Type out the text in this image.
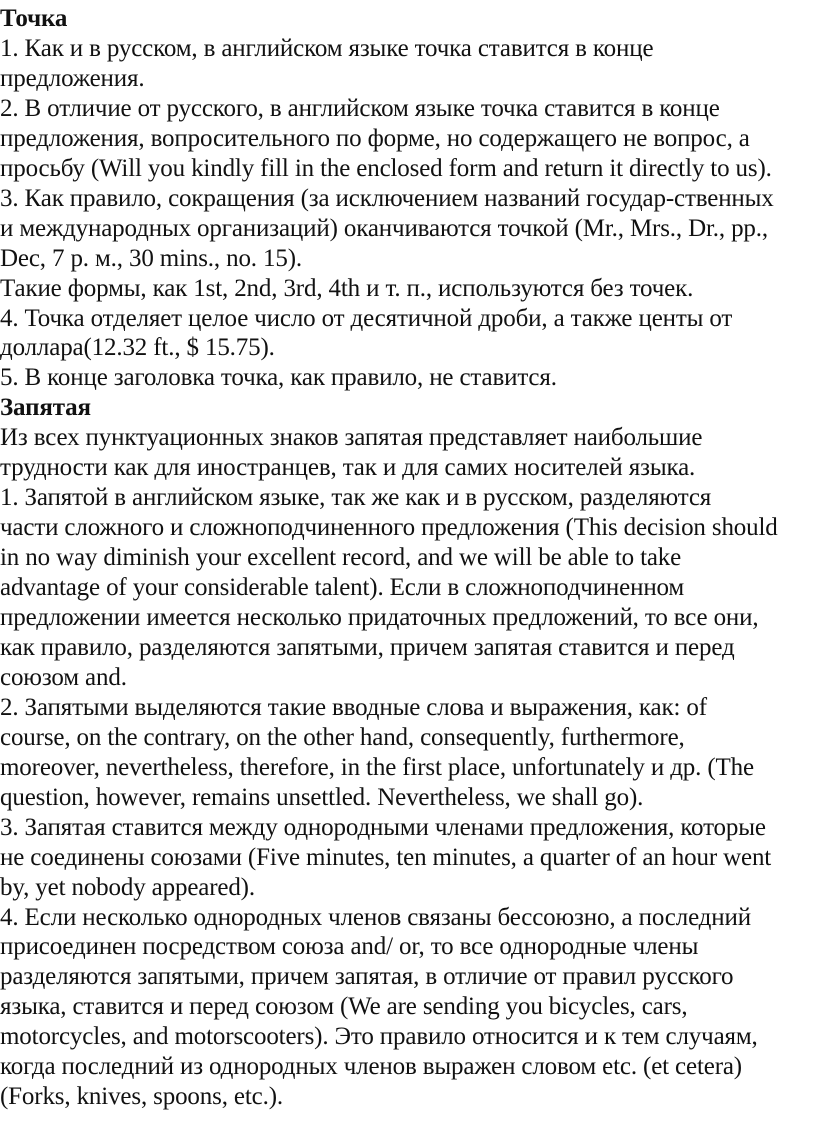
Точка
1. Как и в русском, в английском языке точка ставится в конце
предложения.
2. В отличие от русского, в английском языке точка ставится в конце
предложения, вопросительного по форме, но содержащего не вопрос, а
просьбу (Will you kindly fill in the enclosed form and return it directly to us).
3. Как правило, сокращения (за исключением названий государ-ственных
и международных организаций) оканчиваются точкой (Mr., Mrs., Dr., pp.,
Dec, 7 p. м., 30 mins., no. 15).
Такие формы, как 1st, 2nd, 3rd, 4th и т. п., используются без точек.
4. Точка отделяет целое число от десятичной дроби, а также центы от
доллара(12.32 ft., $ 15.75).
5. В конце заголовка точка, как правило, не ставится.
Запятая
Из всех пунктуационных знаков запятая представляет наибольшие
трудности как для иностранцев, так и для самих носителей языка.
1. Запятой в английском языке, так же как и в русском, разделяются
части сложного и сложноподчиненного предложения (This decision should
in no way diminish your excellent record, and we will be able to take
advantage of your considerable talent). Если в сложноподчиненном
предложении имеется несколько придаточных предложений, то все они,
как правило, разделяются запятыми, причем запятая ставится и перед
союзом and.
2. Запятыми выделяются такие вводные слова и выражения, как: of
course, on the contrary, on the other hand, consequently, furthermore,
moreover, nevertheless, therefore, in the first place, unfortunately и др. (The
question, however, remains unsettled. Nevertheless, we shall go).
3. Запятая ставится между однородными членами предложения, которые
не соединены союзами (Five minutes, ten minutes, a quarter of an hour went
by, yet nobody appeared).
4. Если несколько однородных членов связаны бессоюзно, а последний
присоединен посредством союза and/ or, то все однородные члены
разделяются запятыми, причем запятая, в отличие от правил русского
языка, ставится и перед союзом (We are sending you bicycles, cars,
motorcycles, and motorscooters). Это правило относится и к тем случаям,
когда последний из однородных членов выражен словом etc. (et cetera)
(Forks, knives, spoons, etc.).
